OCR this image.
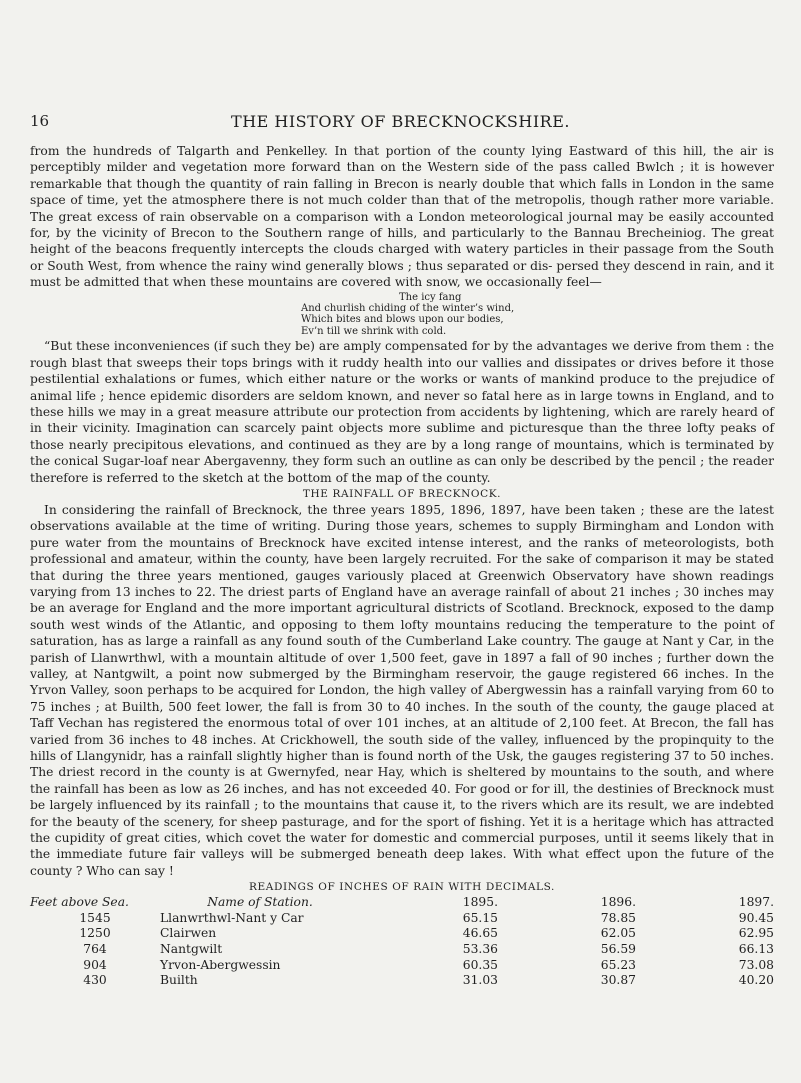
16	THE HISTORY OF BRECKNOCKSHIRE.

from the hundreds of Talgarth and Penkelley. In that portion of the county lying Eastward of this hill, the air is perceptibly milder and vegetation more forward than on the Western side of the pass called Bwlch ; it is however remarkable that though the quantity of rain falling in Brecon is nearly double that which falls in London in the same space of time, yet the atmosphere there is not much colder than that of the metropolis, though rather more variable. The great excess of rain observable on a comparison with a London meteorological journal may be easily accounted for, by the vicinity of Brecon to the Southern range of hills, and particularly to the Bannau Brecheiniog. The great height of the beacons frequently intercepts the clouds charged with watery particles in their passage from the South or South West, from whence the rainy wind generally blows ; thus separated or dis- persed they descend in rain, and it must be admitted that when these mountains are covered with snow, we occasionally feel—

The icy fang
And churlish chiding of the winter’s wind,
Which bites and blows upon our bodies,
Ev’n till we shrink with cold.

“But these inconveniences (if such they be) are amply compensated for by the advantages we derive from them : the rough blast that sweeps their tops brings with it ruddy health into our vallies and dissipates or drives before it those pestilential exhalations or fumes, which either nature or the works or wants of mankind produce to the prejudice of animal life ; hence epidemic disorders are seldom known, and never so fatal here as in large towns in England, and to these hills we may in a great measure attribute our protection from accidents by lightening, which are rarely heard of in their vicinity. Imagination can scarcely paint objects more sublime and picturesque than the three lofty peaks of those nearly precipitous elevations, and continued as they are by a long range of mountains, which is terminated by the conical Sugar-loaf near Abergavenny, they form such an outline as can only be described by the pencil ; the reader therefore is referred to the sketch at the bottom of the map of the county.

THE RAINFALL OF BRECKNOCK.

In considering the rainfall of Brecknock, the three years 1895, 1896, 1897, have been taken ; these are the latest observations available at the time of writing. During those years, schemes to supply Birmingham and London with pure water from the mountains of Brecknock have excited intense interest, and the ranks of meteorologists, both professional and amateur, within the county, have been largely recruited. For the sake of comparison it may be stated that during the three years mentioned, gauges variously placed at Greenwich Observatory have shown readings varying from 13 inches to 22. The driest parts of England have an average rainfall of about 21 inches ; 30 inches may be an average for England and the more important agricultural districts of Scotland. Brecknock, exposed to the damp south west winds of the Atlantic, and opposing to them lofty mountains reducing the temperature to the point of saturation, has as large a rainfall as any found south of the Cumberland Lake country. The gauge at Nant y Car, in the parish of Llanwrthwl, with a mountain altitude of over 1,500 feet, gave in 1897 a fall of 90 inches ; further down the valley, at Nantgwilt, a point now submerged by the Birmingham reservoir, the gauge registered 66 inches. In the Yrvon Valley, soon perhaps to be acquired for London, the high valley of Abergwessin has a rainfall varying from 60 to 75 inches ; at Builth, 500 feet lower, the fall is from 30 to 40 inches. In the south of the county, the gauge placed at Taff Vechan has registered the enormous total of over 101 inches, at an altitude of 2,100 feet. At Brecon, the fall has varied from 36 inches to 48 inches. At Crickhowell, the south side of the valley, influenced by the propinquity to the hills of Llangynidr, has a rainfall slightly higher than is found north of the Usk, the gauges registering 37 to 50 inches. The driest record in the county is at Gwernyfed, near Hay, which is sheltered by mountains to the south, and where the rainfall has been as low as 26 inches, and has not exceeded 40. For good or for ill, the destinies of Brecknock must be largely influenced by its rainfall ; to the mountains that cause it, to the rivers which are its result, we are indebted for the beauty of the scenery, for sheep pasturage, and for the sport of fishing. Yet it is a heritage which has attracted the cupidity of great cities, which covet the water for domestic and commercial purposes, until it seems likely that in the immediate future fair valleys will be submerged beneath deep lakes. With what effect upon the future of the county ? Who can say !

READINGS OF INCHES OF RAIN WITH DECIMALS.
Feet above Sea.	Name of Station.	1895.	1896.	1897.
1545	Llanwrthwl-Nant y Car	65.15	78.85	90.45
1250	Clairwen	46.65	62.05	62.95
764	Nantgwilt	53.36	56.59	66.13
904	Yrvon-Abergwessin	60.35	65.23	73.08
430	Builth	31.03	30.87	40.20
